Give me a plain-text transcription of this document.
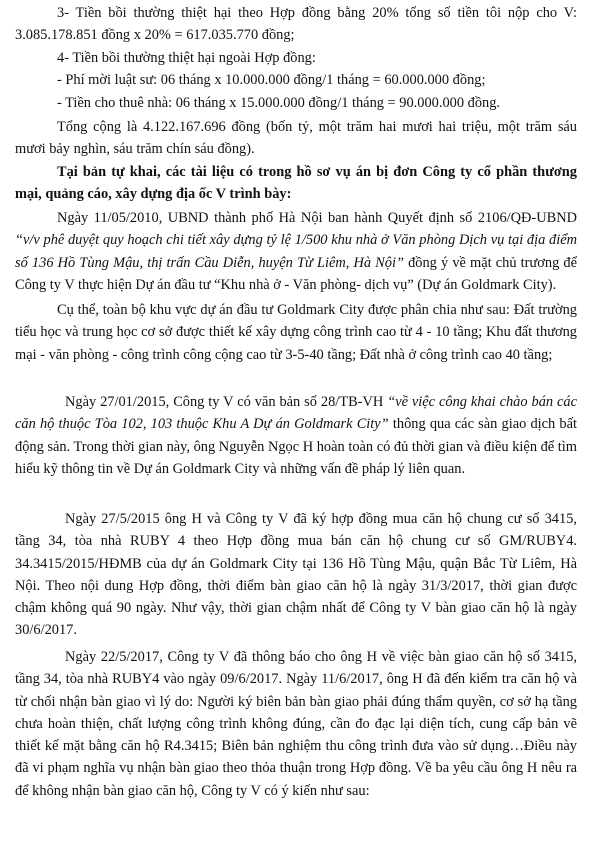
3- Tiền bồi thường thiệt hại theo Hợp đồng bằng 20% tổng số tiền tôi nộp cho V: 3.085.178.851 đồng x 20% = 617.035.770 đồng;

4- Tiền bồi thường thiệt hại ngoài Hợp đồng:

- Phí mời luật sư: 06 tháng x 10.000.000 đồng/1 tháng = 60.000.000 đồng;

- Tiền cho thuê nhà: 06 tháng x 15.000.000 đồng/1 tháng = 90.000.000 đồng.

Tổng cộng là 4.122.167.696 đồng (bốn tỷ, một trăm hai mươi hai triệu, một trăm sáu mươi bảy nghìn, sáu trăm chín sáu đồng).

Tại bản tự khai, các tài liệu có trong hồ sơ vụ án bị đơn Công ty cổ phần thương mại, quảng cáo, xây dựng địa ốc V trình bày:

Ngày 11/05/2010, UBND thành phố Hà Nội ban hành Quyết định số 2106/QĐ-UBND “v/v phê duyệt quy hoạch chi tiết xây dựng tỷ lệ 1/500 khu nhà ở Văn phòng Dịch vụ tại địa điểm số 136 Hồ Tùng Mậu, thị trấn Cầu Diễn, huyện Từ Liêm, Hà Nội” đồng ý về mặt chủ trương để Công ty V thực hiện Dự án đầu tư “Khu nhà ở - Văn phòng- dịch vụ” (Dự án Goldmark City).

Cụ thể, toàn bộ khu vực dự án đầu tư Goldmark City được phân chia như sau: Đất trường tiểu học và trung học cơ sở được thiết kế xây dựng công trình cao từ 4 - 10 tầng; Khu đất thương mại - văn phòng - công trình công cộng cao từ 3-5-40 tầng; Đất nhà ở công trình cao 40 tầng;

Ngày 27/01/2015, Công ty V có văn bản số 28/TB-VH “về việc công khai chào bán các căn hộ thuộc Tòa 102, 103 thuộc Khu A Dự án Goldmark City” thông qua các sàn giao dịch bất động sản. Trong thời gian này, ông Nguyễn Ngọc H hoàn toàn có đủ thời gian và điều kiện để tìm hiểu kỹ thông tin về Dự án Goldmark City và những vấn đề pháp lý liên quan.

Ngày 27/5/2015 ông H và Công ty V đã ký hợp đồng mua căn hộ chung cư số 3415, tầng 34, tòa nhà RUBY 4 theo Hợp đồng mua bán căn hộ chung cư số GM/RUBY4. 34.3415/2015/HĐMB của dự án Goldmark City tại 136 Hồ Tùng Mậu, quận Bắc Từ Liêm, Hà Nội. Theo nội dung Hợp đồng, thời điểm bàn giao căn hộ là ngày 31/3/2017, thời gian được chậm không quá 90 ngày. Như vậy, thời gian chậm nhất để Công ty V bàn giao căn hộ là ngày 30/6/2017.

Ngày 22/5/2017, Công ty V đã thông báo cho ông H về việc bàn giao căn hộ số 3415, tầng 34, tòa nhà RUBY4 vào ngày 09/6/2017. Ngày 11/6/2017, ông H đã đến kiểm tra căn hộ và từ chối nhận bàn giao vì lý do: Người ký biên bản bàn giao phải đúng thẩm quyền, cơ sở hạ tầng chưa hoàn thiện, chất lượng công trình không đúng, cần đo đạc lại diện tích, cung cấp bản vẽ thiết kế mặt bằng căn hộ R4.3415; Biên bản nghiệm thu công trình đưa vào sử dụng…Điều này đã vi phạm nghĩa vụ nhận bàn giao theo thỏa thuận trong Hợp đồng. Về ba yêu cầu ông H nêu ra để không nhận bàn giao căn hộ, Công ty V có ý kiến như sau:
